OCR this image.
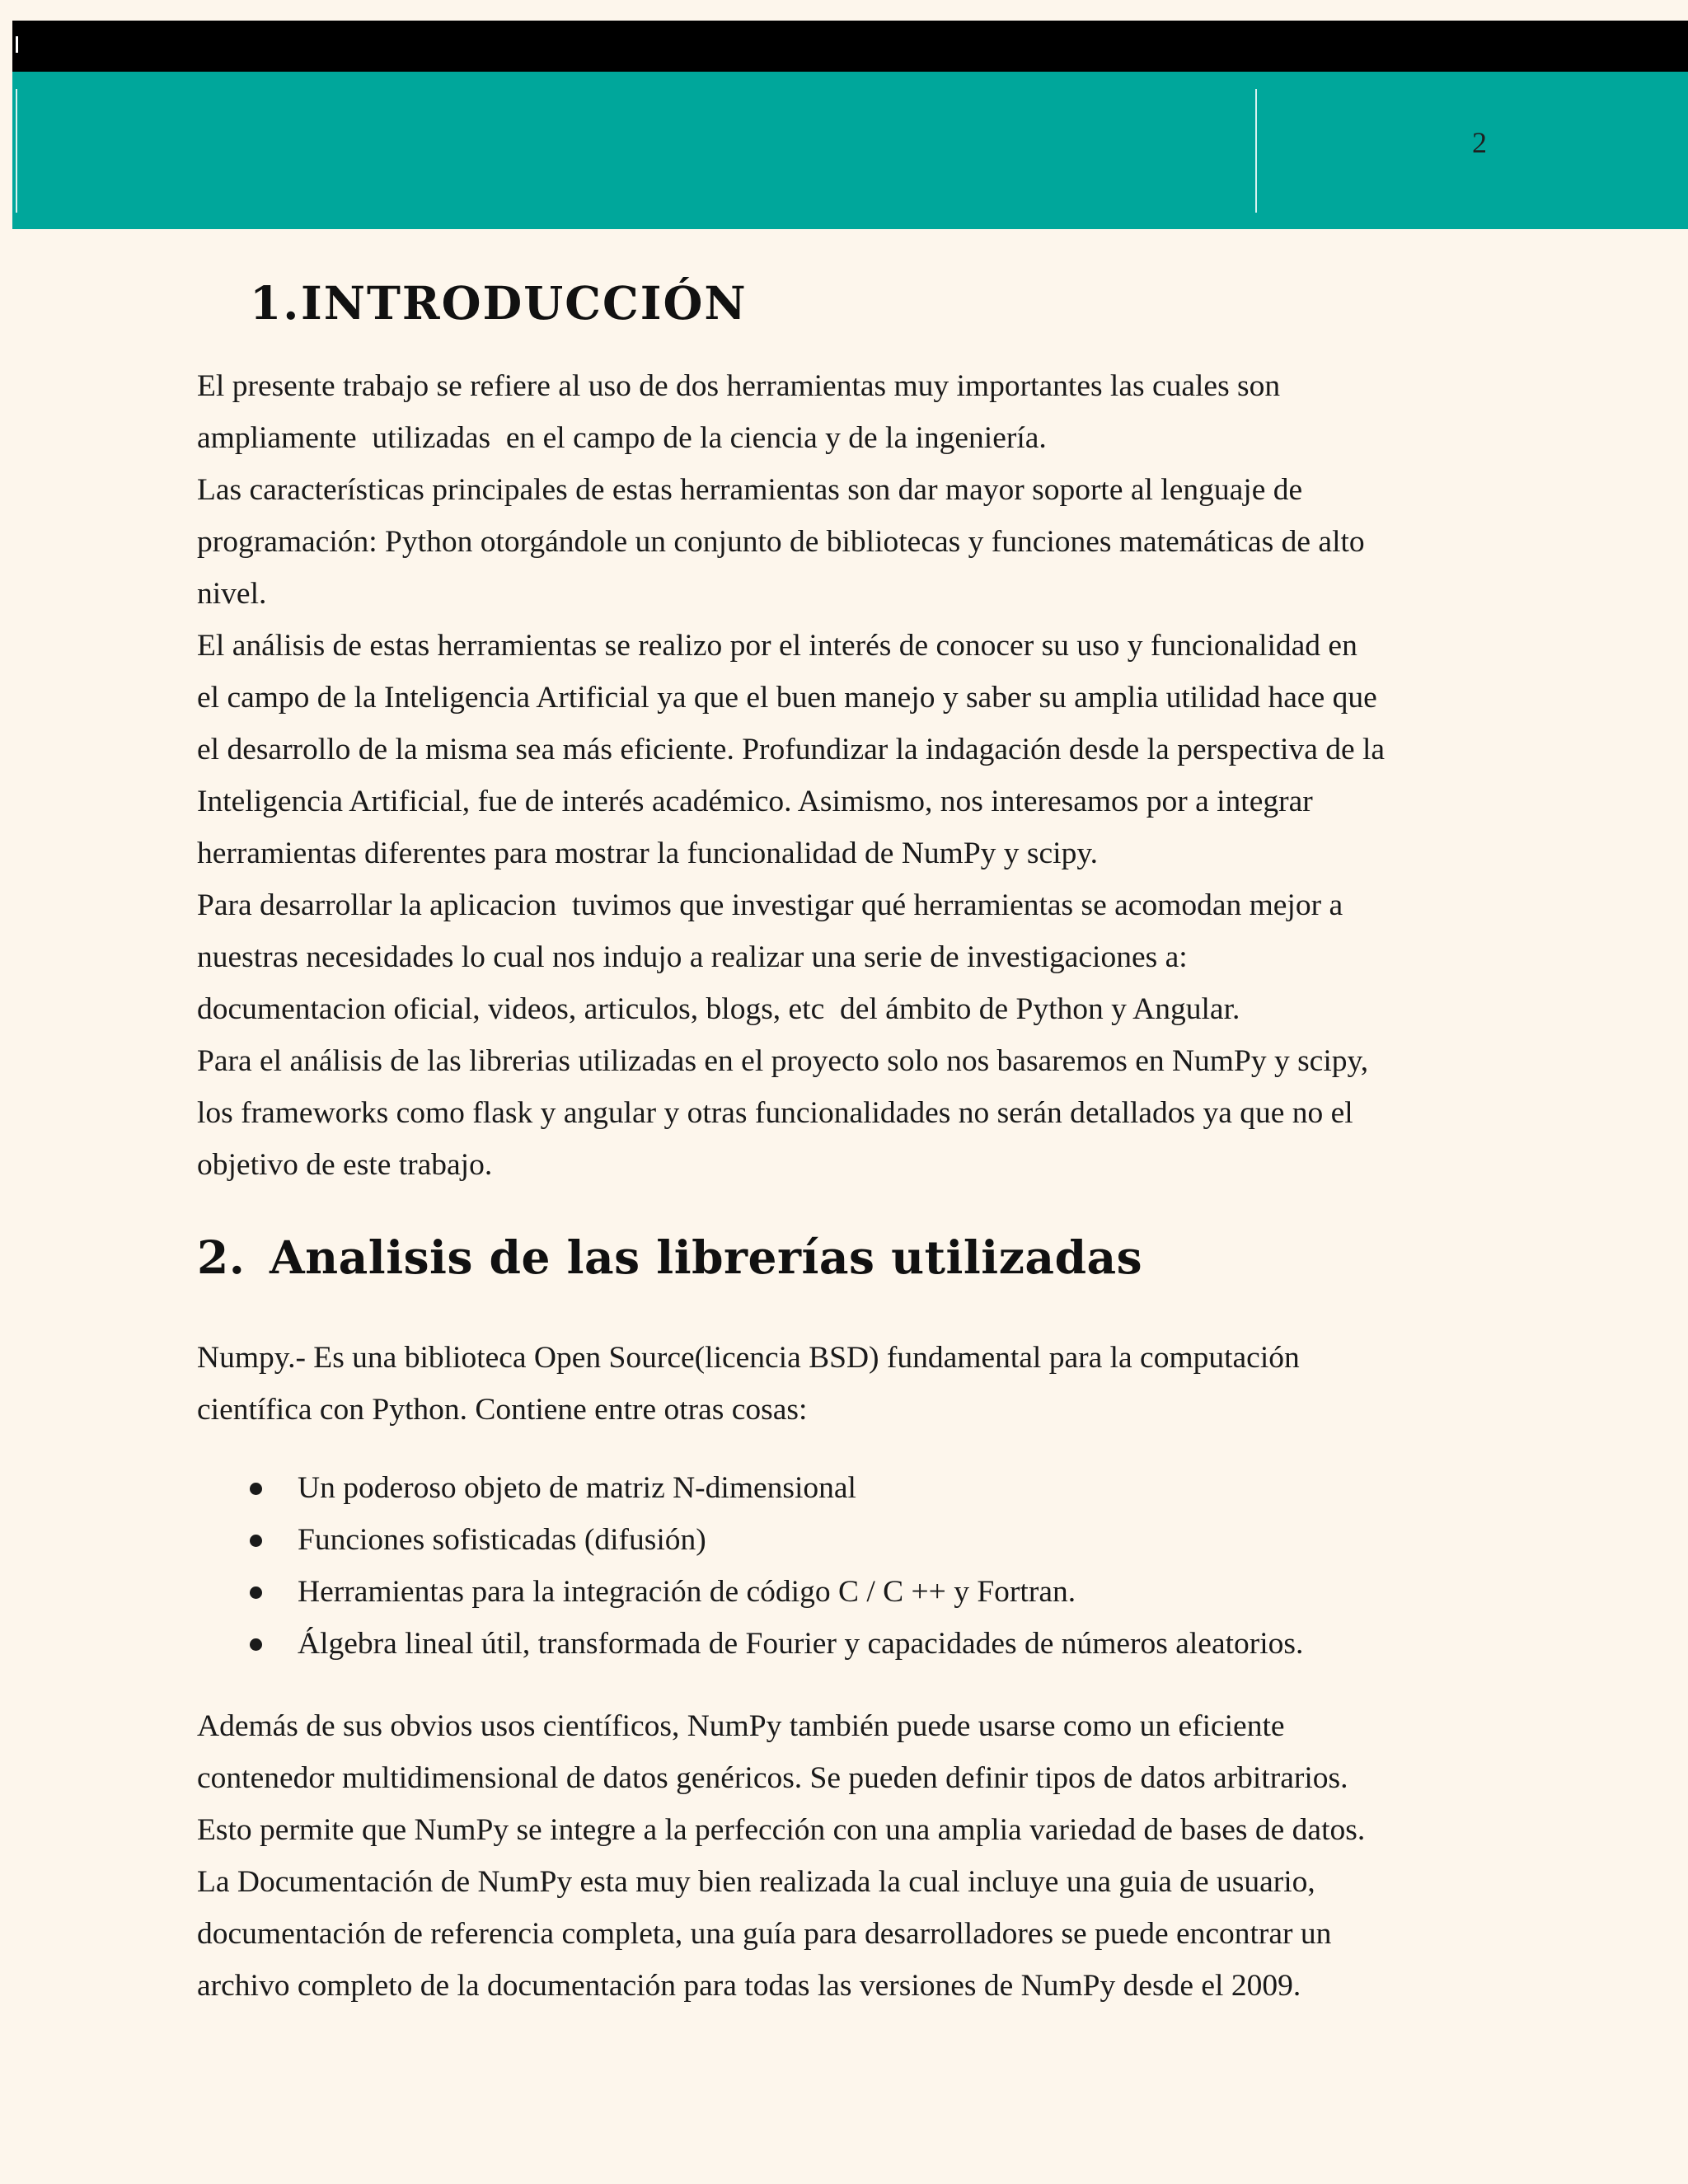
2
1.INTRODUCCIÓN
El presente trabajo se refiere al uso de dos herramientas muy importantes las cuales son
ampliamente  utilizadas  en el campo de la ciencia y de la ingeniería.
Las características principales de estas herramientas son dar mayor soporte al lenguaje de
programación: Python otorgándole un conjunto de bibliotecas y funciones matemáticas de alto
nivel.
El análisis de estas herramientas se realizo por el interés de conocer su uso y funcionalidad en
el campo de la Inteligencia Artificial ya que el buen manejo y saber su amplia utilidad hace que
el desarrollo de la misma sea más eficiente. Profundizar la indagación desde la perspectiva de la
Inteligencia Artificial, fue de interés académico. Asimismo, nos interesamos por a integrar
herramientas diferentes para mostrar la funcionalidad de NumPy y scipy.
Para desarrollar la aplicacion  tuvimos que investigar qué herramientas se acomodan mejor a
nuestras necesidades lo cual nos indujo a realizar una serie de investigaciones a:
documentacion oficial, videos, articulos, blogs, etc  del ámbito de Python y Angular.
Para el análisis de las librerias utilizadas en el proyecto solo nos basaremos en NumPy y scipy,
los frameworks como flask y angular y otras funcionalidades no serán detallados ya que no el
objetivo de este trabajo.
2. Analisis de las librerías utilizadas
Numpy.- Es una biblioteca Open Source(licencia BSD) fundamental para la computación
científica con Python. Contiene entre otras cosas:
Un poderoso objeto de matriz N-dimensional
Funciones sofisticadas (difusión)
Herramientas para la integración de código C / C ++ y Fortran.
Álgebra lineal útil, transformada de Fourier y capacidades de números aleatorios.
Además de sus obvios usos científicos, NumPy también puede usarse como un eficiente
contenedor multidimensional de datos genéricos. Se pueden definir tipos de datos arbitrarios.
Esto permite que NumPy se integre a la perfección con una amplia variedad de bases de datos.
La Documentación de NumPy esta muy bien realizada la cual incluye una guia de usuario,
documentación de referencia completa, una guía para desarrolladores se puede encontrar un
archivo completo de la documentación para todas las versiones de NumPy desde el 2009.
